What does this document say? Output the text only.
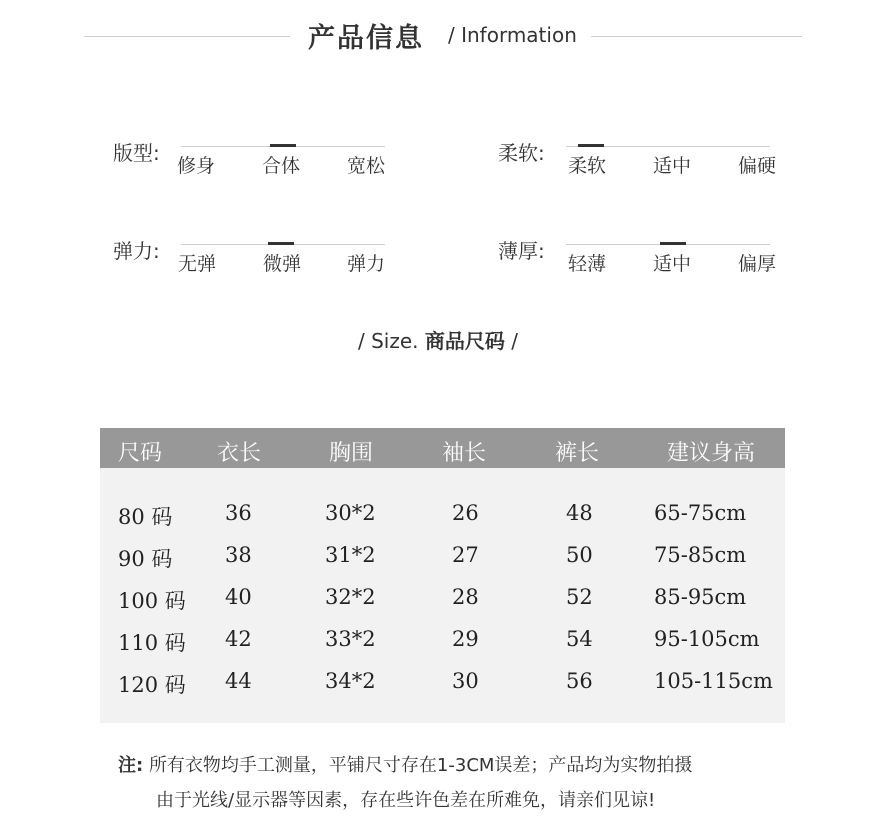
产品信息 / Information
版型:
修身 合体 宽松
柔软:
柔软 适中 偏硬
弹力:
无弹 微弹 弹力
薄厚:
轻薄 适中 偏厚
/ Size. 商品尺码 /
尺码 衣长	胸围	袖长	裤长	建议身高
80 码	36	30*2	26	48	65-75cm
90 码	38	31*2	27	50	75-85cm
100 码 40	32*2	28	52	85-95cm
110 码 42	33*2	29	54	95-105cm
120 码 44	34*2	30	56	105-115cm
注: 所有衣物均手工测量，平铺尺寸存在1-3CM误差；产品均为实物拍摄
由于光线/显示器等因素，存在些许色差在所难免，请亲们见谅!
